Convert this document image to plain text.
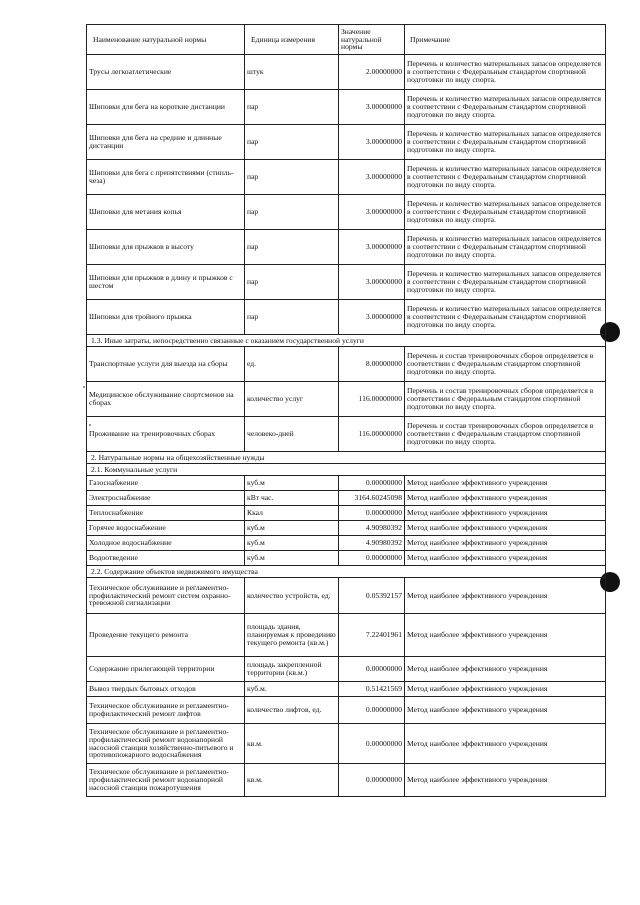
Наименование натуральной нормы	Единица измерения	Значение натуральной нормы	Примечание
Трусы легкоатлетические	штук	2.00000000	Перечень и количество материальных запасов определяется в соответствии с Федеральным стандартом спортивной подготовки по виду спорта.
Шиповки для бега на короткие дистанции	пар	3.00000000	Перечень и количество материальных запасов определяется в соответствии с Федеральным стандартом спортивной подготовки по виду спорта.
Шиповки для бега на средние и длинные дистанции	пар	3.00000000	Перечень и количество материальных запасов определяется в соответствии с Федеральным стандартом спортивной подготовки по виду спорта.
Шиповки для бега с препятствиями (стипль-чеза)	пар	3.00000000	Перечень и количество материальных запасов определяется в соответствии с Федеральным стандартом спортивной подготовки по виду спорта.
Шиповки для метания копья	пар	3.00000000	Перечень и количество материальных запасов определяется в соответствии с Федеральным стандартом спортивной подготовки по виду спорта.
Шиповки для прыжков в высоту	пар	3.00000000	Перечень и количество материальных запасов определяется в соответствии с Федеральным стандартом спортивной подготовки по виду спорта.
Шиповки для прыжков в длину и прыжков с шестом	пар	3.00000000	Перечень и количество материальных запасов определяется в соответствии с Федеральным стандартом спортивной подготовки по виду спорта.
Шиповки для тройного прыжка	пар	3.00000000	Перечень и количество материальных запасов определяется в соответствии с Федеральным стандартом спортивной подготовки по виду спорта.
1.3. Иные затраты, непосредственно связанные с оказанием государственной услуги			
Транспортные услуги для выезда на сборы	ед.	8.00000000	Перечень и состав тренировочных сборов определяется в соответствии с Федеральным стандартом спортивной подготовки по виду спорта.
Медицинское обслуживание спортсменов на сборах	количество услуг	116.00000000	Перечень и состав тренировочных сборов определяется в соответствии с Федеральным стандартом спортивной подготовки по виду спорта.
Проживание на тренировочных сборах	человеко-дней	116.00000000	Перечень и состав тренировочных сборов определяется в соответствии с Федеральным стандартом спортивной подготовки по виду спорта.
2. Натуральные нормы на общехозяйственные нужды			
2.1. Коммунальные услуги			
Газоснабжение	куб.м	0.00000000	Метод наиболее эффективного учреждения
Электроснабжение	кВт час.	3164.60245098	Метод наиболее эффективного учреждения
Теплоснабжение	Ккал	0.00000000	Метод наиболее эффективного учреждения
Горячее водоснабжение	куб.м	4.90980392	Метод наиболее эффективного учреждения
Холодное водоснабжение	куб.м	4.90980392	Метод наиболее эффективного учреждения
Водоотведение	куб.м	0.00000000	Метод наиболее эффективного учреждения
2.2. Содержание объектов недвижимого имущества			
Техническое обслуживание и регламентно-профилактический ремонт систем охранно-тревожной сигнализации	количество устройств, ед.	0.05392157	Метод наиболее эффективного учреждения
Проведение текущего ремонта	площадь здания, планируемая к проведению текущего ремонта (кв.м.)	7.22401961	Метод наиболее эффективного учреждения
Содержание прилегающей территории	площадь закрепленной территории (кв.м.)	0.00000000	Метод наиболее эффективного учреждения
Вывоз твердых бытовых отходов	куб.м.	0.51421569	Метод наиболее эффективного учреждения
Техническое обслуживание и регламентно-профилактический ремонт лифтов	количество лифтов, ед.	0.00000000	Метод наиболее эффективного учреждения
Техническое обслуживание и регламентно-профилактический ремонт водонапорной насосной станции хозяйственно-питьевого и противопожарного водоснабжения	кв.м.	0.00000000	Метод наиболее эффективного учреждения
Техническое обслуживание и регламентно-профилактический ремонт водонапорной насосной станции пожаротушения	кв.м.	0.00000000	Метод наиболее эффективного учреждения
